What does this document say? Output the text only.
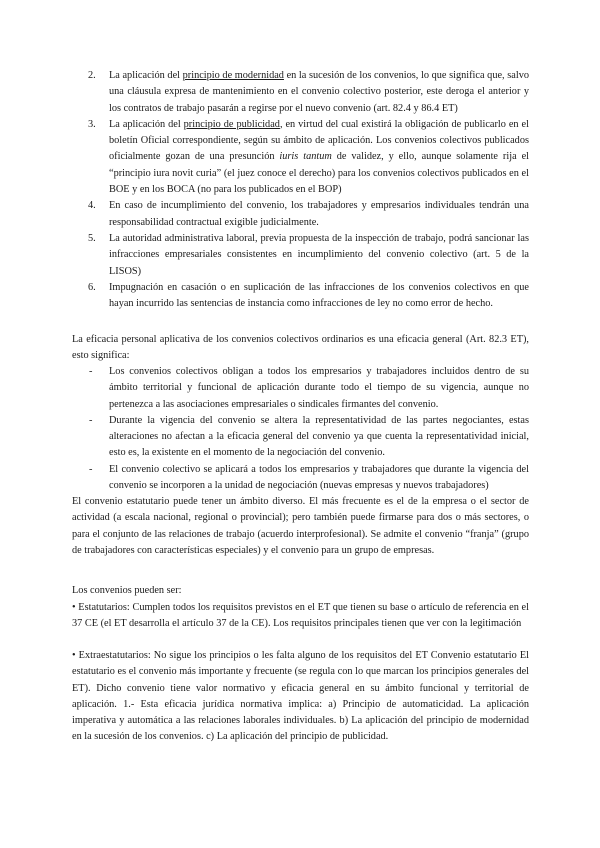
2. La aplicación del principio de modernidad en la sucesión de los convenios, lo que significa que, salvo una cláusula expresa de mantenimiento en el convenio colectivo posterior, este deroga el anterior y los contratos de trabajo pasarán a regirse por el nuevo convenio (art. 82.4 y 86.4 ET)
3. La aplicación del principio de publicidad, en virtud del cual existirá la obligación de publicarlo en el boletín Oficial correspondiente, según su ámbito de aplicación. Los convenios colectivos publicados oficialmente gozan de una presunción iuris tantum de validez, y ello, aunque solamente rija el “principio iura novit curia” (el juez conoce el derecho) para los convenios colectivos publicados en el BOE y en los BOCA (no para los publicados en el BOP)
4. En caso de incumplimiento del convenio, los trabajadores y empresarios individuales tendrán una responsabilidad contractual exigible judicialmente.
5. La autoridad administrativa laboral, previa propuesta de la inspección de trabajo, podrá sancionar las infracciones empresariales consistentes en incumplimiento del convenio colectivo (art. 5 de la LISOS)
6. Impugnación en casación o en suplicación de las infracciones de los convenios colectivos en que hayan incurrido las sentencias de instancia como infracciones de ley no como error de hecho.

La eficacia personal aplicativa de los convenios colectivos ordinarios es una eficacia general (Art. 82.3 ET), esto significa:

- Los convenios colectivos obligan a todos los empresarios y trabajadores incluidos dentro de su ámbito territorial y funcional de aplicación durante todo el tiempo de su vigencia, aunque no pertenezca a las asociaciones empresariales o sindicales firmantes del convenio.
- Durante la vigencia del convenio se altera la representatividad de las partes negociantes, estas alteraciones no afectan a la eficacia general del convenio ya que cuenta la representatividad inicial, esto es, la existente en el momento de la negociación del convenio.
- El convenio colectivo se aplicará a todos los empresarios y trabajadores que durante la vigencia del convenio se incorporen a la unidad de negociación (nuevas empresas y nuevos trabajadores)

El convenio estatutario puede tener un ámbito diverso. El más frecuente es el de la empresa o el sector de actividad (a escala nacional, regional o provincial); pero también puede firmarse para dos o más sectores, o para el conjunto de las relaciones de trabajo (acuerdo interprofesional). Se admite el convenio “franja” (grupo de trabajadores con características especiales) y el convenio para un grupo de empresas.

Los convenios pueden ser:

• Estatutarios: Cumplen todos los requisitos previstos en el ET que tienen su base o artículo de referencia en el 37 CE (el ET desarrolla el artículo 37 de la CE). Los requisitos principales tienen que ver con la legitimación

• Extraestatutarios: No sigue los principios o les falta alguno de los requisitos del ET Convenio estatutario El estatutario es el convenio más importante y frecuente (se regula con lo que marcan los principios generales del ET). Dicho convenio tiene valor normativo y eficacia general en su ámbito funcional y territorial de aplicación. 1.- Esta eficacia jurídica normativa implica: a) Principio de automaticidad. La aplicación imperativa y automática a las relaciones laborales individuales. b) La aplicación del principio de modernidad en la sucesión de los convenios. c) La aplicación del principio de publicidad.
